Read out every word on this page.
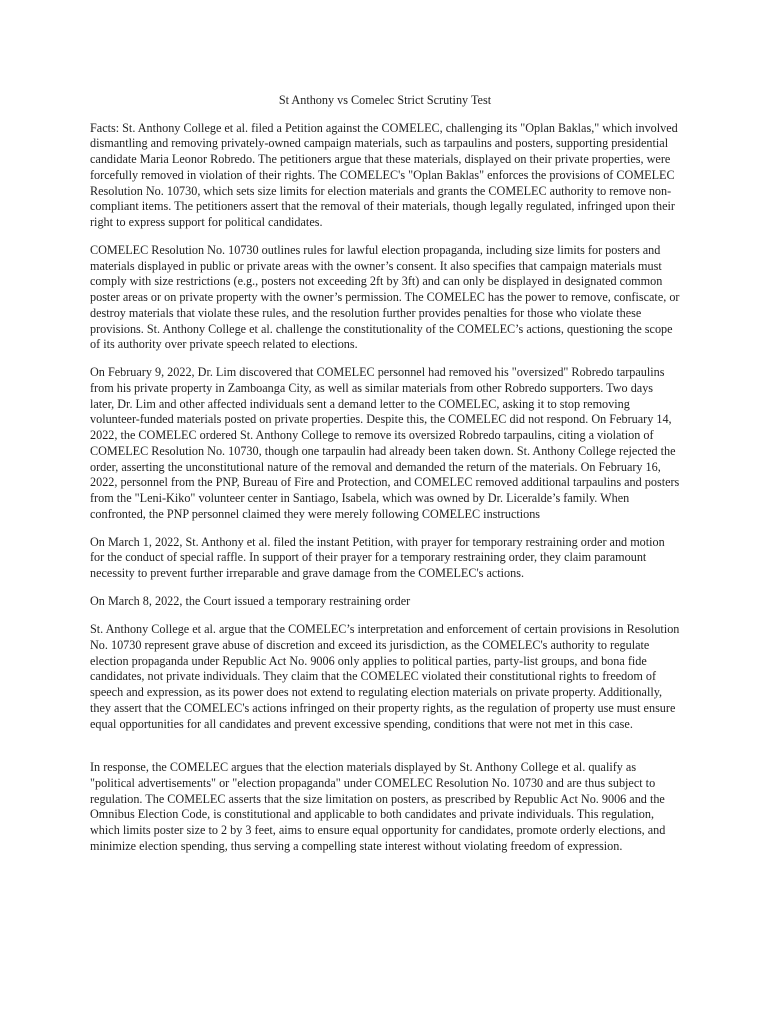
St Anthony vs Comelec Strict Scrutiny Test

Facts: St. Anthony College et al. filed a Petition against the COMELEC, challenging its "Oplan Baklas," which involved dismantling and removing privately-owned campaign materials, such as tarpaulins and posters, supporting presidential candidate Maria Leonor Robredo. The petitioners argue that these materials, displayed on their private properties, were forcefully removed in violation of their rights. The COMELEC's "Oplan Baklas" enforces the provisions of COMELEC Resolution No. 10730, which sets size limits for election materials and grants the COMELEC authority to remove non-compliant items. The petitioners assert that the removal of their materials, though legally regulated, infringed upon their right to express support for political candidates.

COMELEC Resolution No. 10730 outlines rules for lawful election propaganda, including size limits for posters and materials displayed in public or private areas with the owner’s consent. It also specifies that campaign materials must comply with size restrictions (e.g., posters not exceeding 2ft by 3ft) and can only be displayed in designated common poster areas or on private property with the owner’s permission. The COMELEC has the power to remove, confiscate, or destroy materials that violate these rules, and the resolution further provides penalties for those who violate these provisions. St. Anthony College et al. challenge the constitutionality of the COMELEC’s actions, questioning the scope of its authority over private speech related to elections.

On February 9, 2022, Dr. Lim discovered that COMELEC personnel had removed his "oversized" Robredo tarpaulins from his private property in Zamboanga City, as well as similar materials from other Robredo supporters. Two days later, Dr. Lim and other affected individuals sent a demand letter to the COMELEC, asking it to stop removing volunteer-funded materials posted on private properties. Despite this, the COMELEC did not respond. On February 14, 2022, the COMELEC ordered St. Anthony College to remove its oversized Robredo tarpaulins, citing a violation of COMELEC Resolution No. 10730, though one tarpaulin had already been taken down. St. Anthony College rejected the order, asserting the unconstitutional nature of the removal and demanded the return of the materials. On February 16, 2022, personnel from the PNP, Bureau of Fire and Protection, and COMELEC removed additional tarpaulins and posters from the "Leni-Kiko" volunteer center in Santiago, Isabela, which was owned by Dr. Liceralde’s family. When confronted, the PNP personnel claimed they were merely following COMELEC instructions

On March 1, 2022, St. Anthony et al. filed the instant Petition, with prayer for temporary restraining order and motion for the conduct of special raffle. In support of their prayer for a temporary restraining order, they claim paramount necessity to prevent further irreparable and grave damage from the COMELEC's actions.

On March 8, 2022, the Court issued a temporary restraining order

St. Anthony College et al. argue that the COMELEC’s interpretation and enforcement of certain provisions in Resolution No. 10730 represent grave abuse of discretion and exceed its jurisdiction, as the COMELEC's authority to regulate election propaganda under Republic Act No. 9006 only applies to political parties, party-list groups, and bona fide candidates, not private individuals. They claim that the COMELEC violated their constitutional rights to freedom of speech and expression, as its power does not extend to regulating election materials on private property. Additionally, they assert that the COMELEC's actions infringed on their property rights, as the regulation of property use must ensure equal opportunities for all candidates and prevent excessive spending, conditions that were not met in this case.

In response, the COMELEC argues that the election materials displayed by St. Anthony College et al. qualify as "political advertisements" or "election propaganda" under COMELEC Resolution No. 10730 and are thus subject to regulation. The COMELEC asserts that the size limitation on posters, as prescribed by Republic Act No. 9006 and the Omnibus Election Code, is constitutional and applicable to both candidates and private individuals. This regulation, which limits poster size to 2 by 3 feet, aims to ensure equal opportunity for candidates, promote orderly elections, and minimize election spending, thus serving a compelling state interest without violating freedom of expression.
